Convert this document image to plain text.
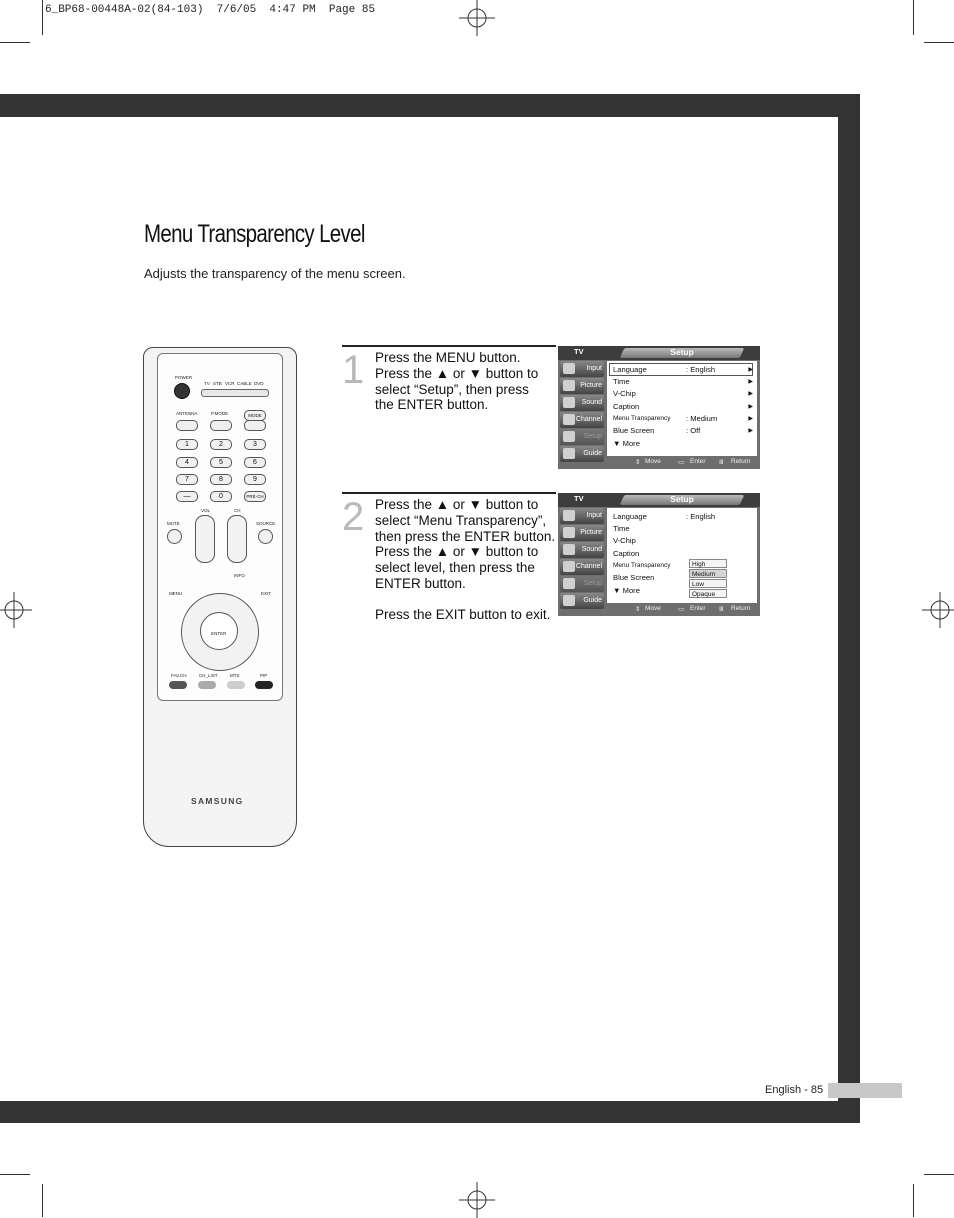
6_BP68-00448A-02(84-103)  7/6/05  4:47 PM  Page 85
Menu Transparency Level
Adjusts the transparency of the menu screen.
POWER
TV STB VCR CABLE DVD
ANTENNA	P.MODE	MODE
1	2	3
4	5	6
7	8	9
—	0	PRE-CH
VOL	CH
MUTE	SOURCE
INFO
MENU	EXIT
ENTER
FAV.CH	CH_LIST	MTS	PIP
SAMSUNG
1 Press the MENU button.
Press the ▲ or ▼ button to
select “Setup”, then press
the ENTER button.
2 Press the ▲ or ▼ button to
select “Menu Transparency”,
then press the ENTER button.
Press the ▲ or ▼ button to
select level, then press the
ENTER button.
Press the EXIT button to exit.
TV	Setup
Input
Picture
Sound
Channel
Setup
Guide
Language	: English	▶
Time	▶
V-Chip	▶
Caption	▶
Menu Transparency : Medium	▶
Blue Screen	: Off	▶
▼ More
⇕ Move	▭ Enter Ⅲ Return
TV	Setup
Input
Picture
Sound
Channel
Setup
Guide
Language	: English
Time
V-Chip
Caption
Menu Transparency
Blue Screen
▼ More
High
Medium
Low
Opaque
⇕ Move	▭ Enter Ⅲ Return
English - 85
